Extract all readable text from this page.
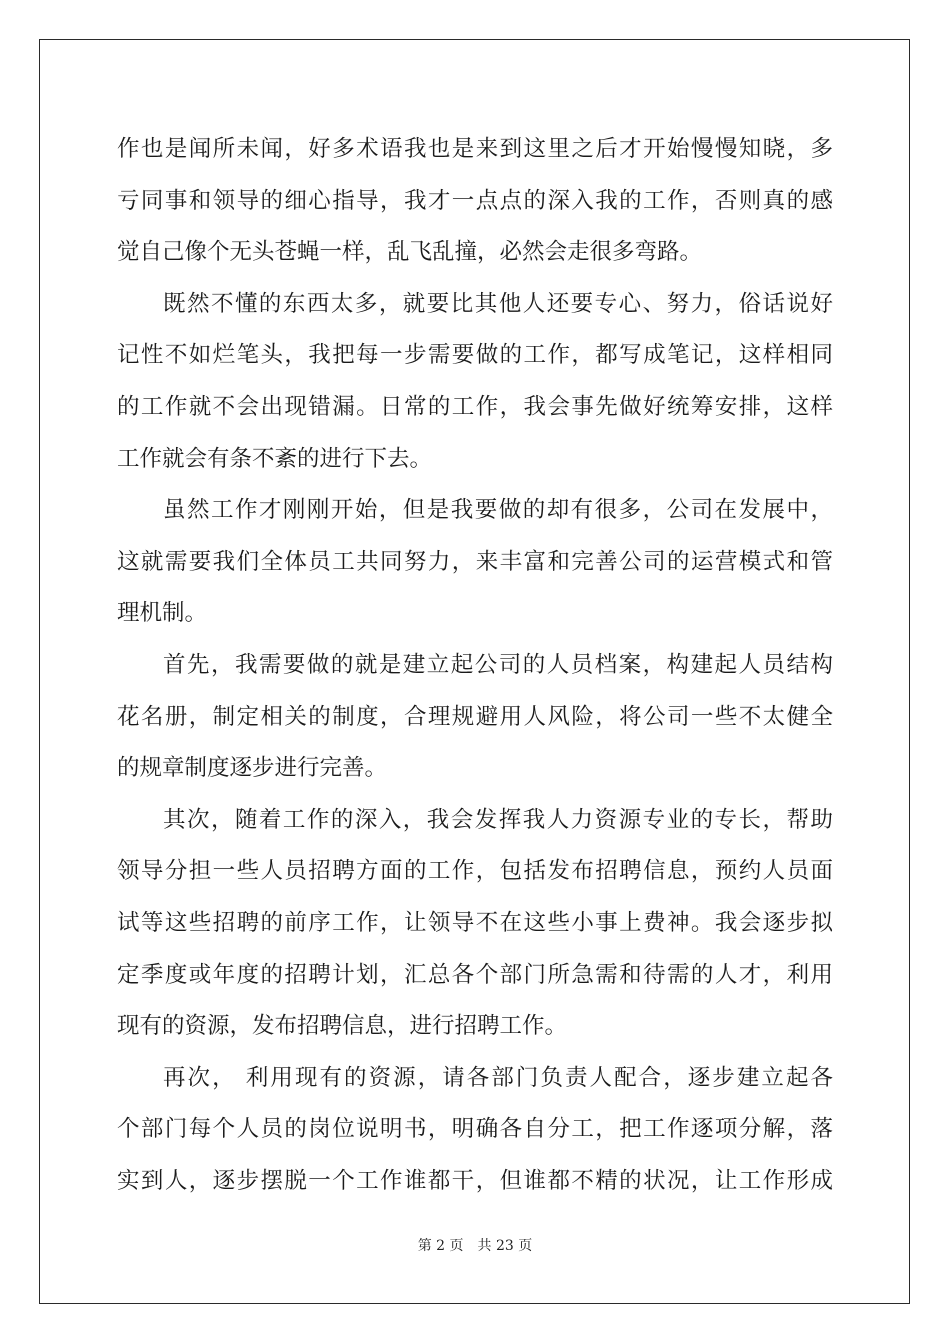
作也是闻所未闻，好多术语我也是来到这里之后才开始慢慢知晓，多
亏同事和领导的细心指导，我才一点点的深入我的工作，否则真的感
觉自己像个无头苍蝇一样，乱飞乱撞，必然会走很多弯路。
既然不懂的东西太多，就要比其他人还要专心、努力，俗话说好
记性不如烂笔头，我把每一步需要做的工作，都写成笔记，这样相同
的工作就不会出现错漏。日常的工作，我会事先做好统筹安排，这样
工作就会有条不紊的进行下去。
虽然工作才刚刚开始，但是我要做的却有很多，公司在发展中，
这就需要我们全体员工共同努力，来丰富和完善公司的运营模式和管
理机制。
首先，我需要做的就是建立起公司的人员档案，构建起人员结构
花名册，制定相关的制度，合理规避用人风险，将公司一些不太健全
的规章制度逐步进行完善。
其次，随着工作的深入，我会发挥我人力资源专业的专长，帮助
领导分担一些人员招聘方面的工作，包括发布招聘信息，预约人员面
试等这些招聘的前序工作，让领导不在这些小事上费神。我会逐步拟
定季度或年度的招聘计划，汇总各个部门所急需和待需的人才，利用
现有的资源，发布招聘信息，进行招聘工作。
再次， 利用现有的资源，请各部门负责人配合，逐步建立起各
个部门每个人员的岗位说明书，明确各自分工，把工作逐项分解，落
实到人，逐步摆脱一个工作谁都干，但谁都不精的状况，让工作形成
第 2 页 共 23 页
